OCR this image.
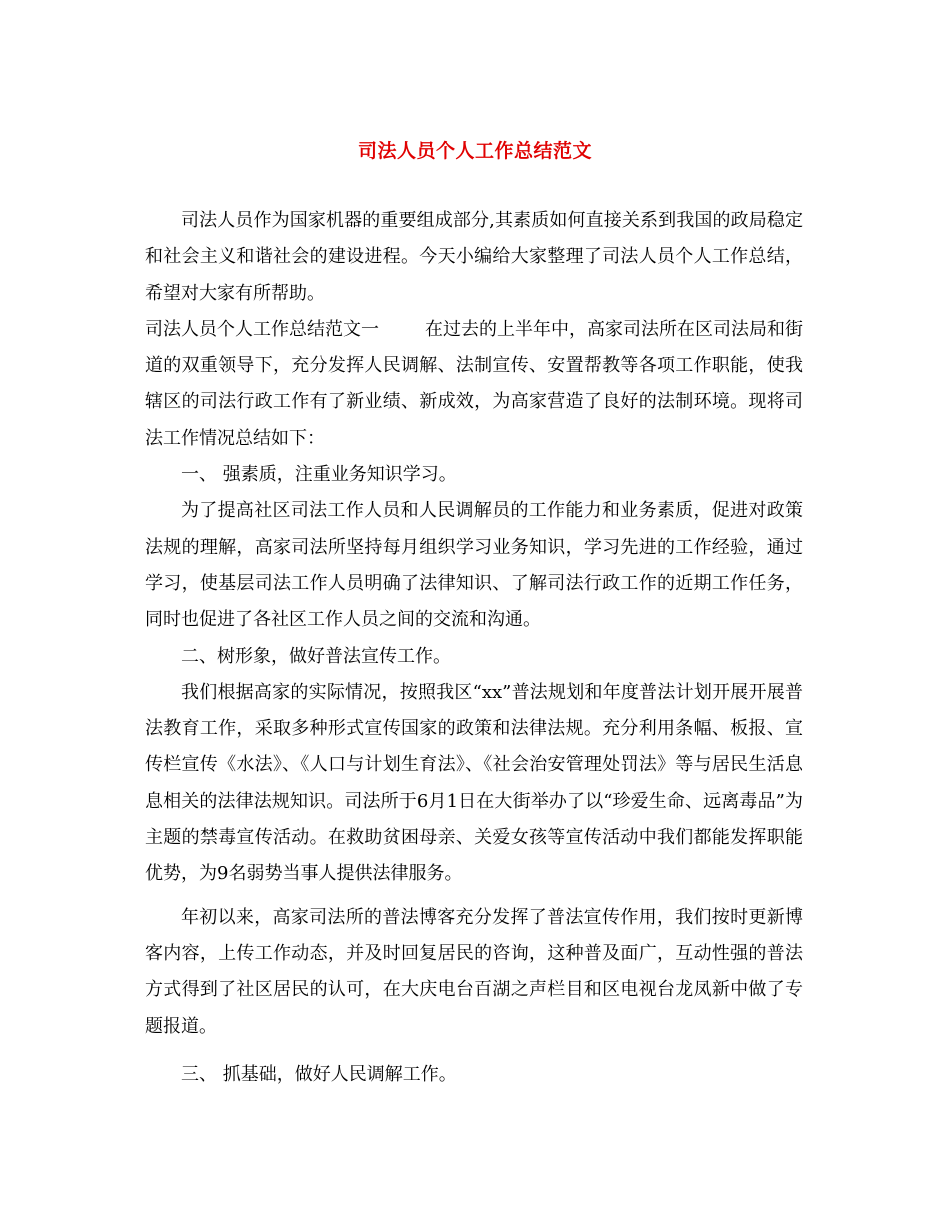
司法人员个人工作总结范文

司法人员作为国家机器的重要组成部分,其素质如何直接关系到我国的政局稳定和社会主义和谐社会的建设进程。今天小编给大家整理了司法人员个人工作总结，希望对大家有所帮助。

司法人员个人工作总结范文一	在过去的上半年中，高家司法所在区司法局和街道的双重领导下，充分发挥人民调解、法制宣传、安置帮教等各项工作职能，使我辖区的司法行政工作有了新业绩、新成效，为高家营造了良好的法制环境。现将司法工作情况总结如下：

一、 强素质，注重业务知识学习。

为了提高社区司法工作人员和人民调解员的工作能力和业务素质，促进对政策法规的理解，高家司法所坚持每月组织学习业务知识，学习先进的工作经验，通过学习，使基层司法工作人员明确了法律知识、了解司法行政工作的近期工作任务，同时也促进了各社区工作人员之间的交流和沟通。

二、树形象，做好普法宣传工作。

我们根据高家的实际情况，按照我区“xx”普法规划和年度普法计划开展开展普法教育工作，采取多种形式宣传国家的政策和法律法规。充分利用条幅、板报、宣传栏宣传《水法》、《人口与计划生育法》、《社会治安管理处罚法》等与居民生活息息相关的法律法规知识。司法所于6月1日在大街举办了以“珍爱生命、远离毒品”为主题的禁毒宣传活动。在救助贫困母亲、关爱女孩等宣传活动中我们都能发挥职能优势，为9名弱势当事人提供法律服务。

年初以来，高家司法所的普法博客充分发挥了普法宣传作用，我们按时更新博客内容，上传工作动态，并及时回复居民的咨询，这种普及面广，互动性强的普法方式得到了社区居民的认可，在大庆电台百湖之声栏目和区电视台龙凤新中做了专题报道。

三、 抓基础，做好人民调解工作。
